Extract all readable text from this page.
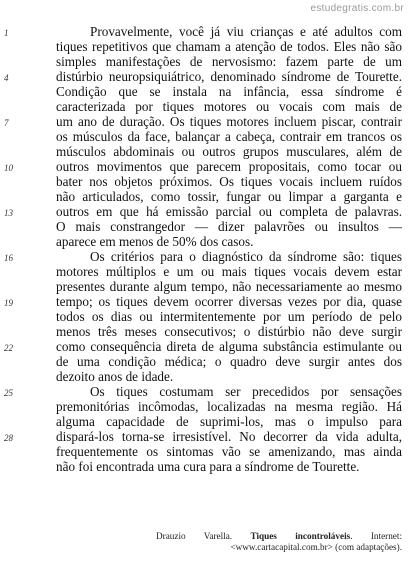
estudegratis.com.br
1	Provavelmente, você já viu crianças e até adultos com
tiques repetitivos que chamam a atenção de todos. Eles não são
simples manifestações de nervosismo: fazem parte de um
4	distúrbio neuropsiquiátrico, denominado síndrome de Tourette.
Condição que se instala na infância, essa síndrome é
caracterizada por tiques motores ou vocais com mais de
7	um ano de duração. Os tiques motores incluem piscar, contrair
os músculos da face, balançar a cabeça, contrair em trancos os
músculos abdominais ou outros grupos musculares, além de
10	outros movimentos que parecem propositais, como tocar ou
bater nos objetos próximos. Os tiques vocais incluem ruídos
não articulados, como tossir, fungar ou limpar a garganta e
13	outros em que há emissão parcial ou completa de palavras.
O mais constrangedor — dizer palavrões ou insultos —
aparece em menos de 50% dos casos.
16	Os critérios para o diagnóstico da síndrome são: tiques
motores múltiplos e um ou mais tiques vocais devem estar
presentes durante algum tempo, não necessariamente ao mesmo
19	tempo; os tiques devem ocorrer diversas vezes por dia, quase
todos os dias ou intermitentemente por um período de pelo
menos três meses consecutivos; o distúrbio não deve surgir
22	como consequência direta de alguma substância estimulante ou
de uma condição médica; o quadro deve surgir antes dos
dezoito anos de idade.
25	Os tiques costumam ser precedidos por sensações
premonitórias incômodas, localizadas na mesma região. Há
alguma capacidade de suprimi-los, mas o impulso para
28	dispará-los torna-se irresistível. No decorrer da vida adulta,
frequentemente os sintomas vão se amenizando, mas ainda
não foi encontrada uma cura para a síndrome de Tourette.
Drauzio Varella. Tiques incontroláveis. Internet:
<www.cartacapital.com.br> (com adaptações).
